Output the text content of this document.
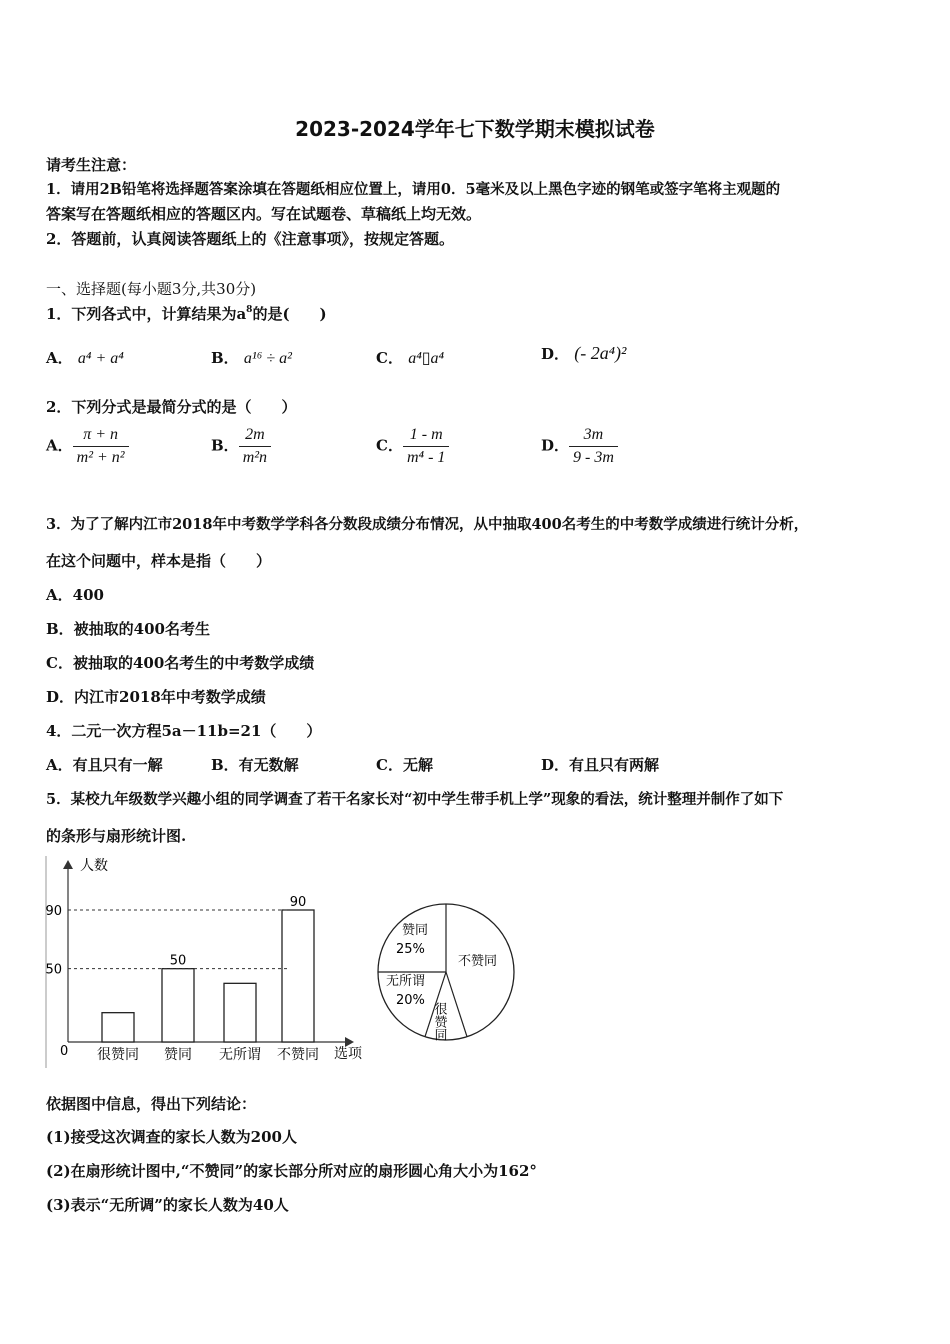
2023-2024学年七下数学期末模拟试卷
请考生注意：
1．请用2B铅笔将选择题答案涂填在答题纸相应位置上，请用0．5毫米及以上黑色字迹的钢笔或签字笔将主观题的
答案写在答题纸相应的答题区内。写在试题卷、草稿纸上均无效。
2．答题前，认真阅读答题纸上的《注意事项》，按规定答题。
一、选择题(每小题3分,共30分)
1．下列各式中，计算结果为$a^8$的是(　　)
A． a⁴ + a⁴	B． a¹⁶ ÷ a²	C． a⁴▯a⁴	D． (- 2a⁴)²
2．下列分式是最简分式的是（　　）
A． $\frac{\pi + n}{\text{m² + n²}}$	B． $\frac{2m}{\text{m²n}}$	C． $\frac{1 - m}{\text{m⁴ - 1}}$	D． $\frac{3m}{9 - 3m}$
3．为了了解内江市2018年中考数学学科各分数段成绩分布情况，从中抽取400名考生的中考数学成绩进行统计分析，
在这个问题中，样本是指（　　）
A．400
B．被抽取的400名考生
C．被抽取的400名考生的中考数学成绩
D．内江市2018年中考数学成绩
4．二元一次方程5a－11b=21（　　）
A．有且只有一解	B．有无数解	C．无解	D．有且只有两解
5．某校九年级数学兴趣小组的同学调查了若干名家长对“初中学生带手机上学”现象的看法，统计整理并制作了如下
的条形与扇形统计图.
人数
选项
0 很赞同 赞同
50
无所谓 不赞同
90
50
90
赞同
25%
不赞同
无所谓
20%
很赞同
依据图中信息，得出下列结论：
(1)接受这次调查的家长人数为200人
(2)在扇形统计图中,“不赞同”的家长部分所对应的扇形圆心角大小为162°
(3)表示“无所调”的家长人数为40人
